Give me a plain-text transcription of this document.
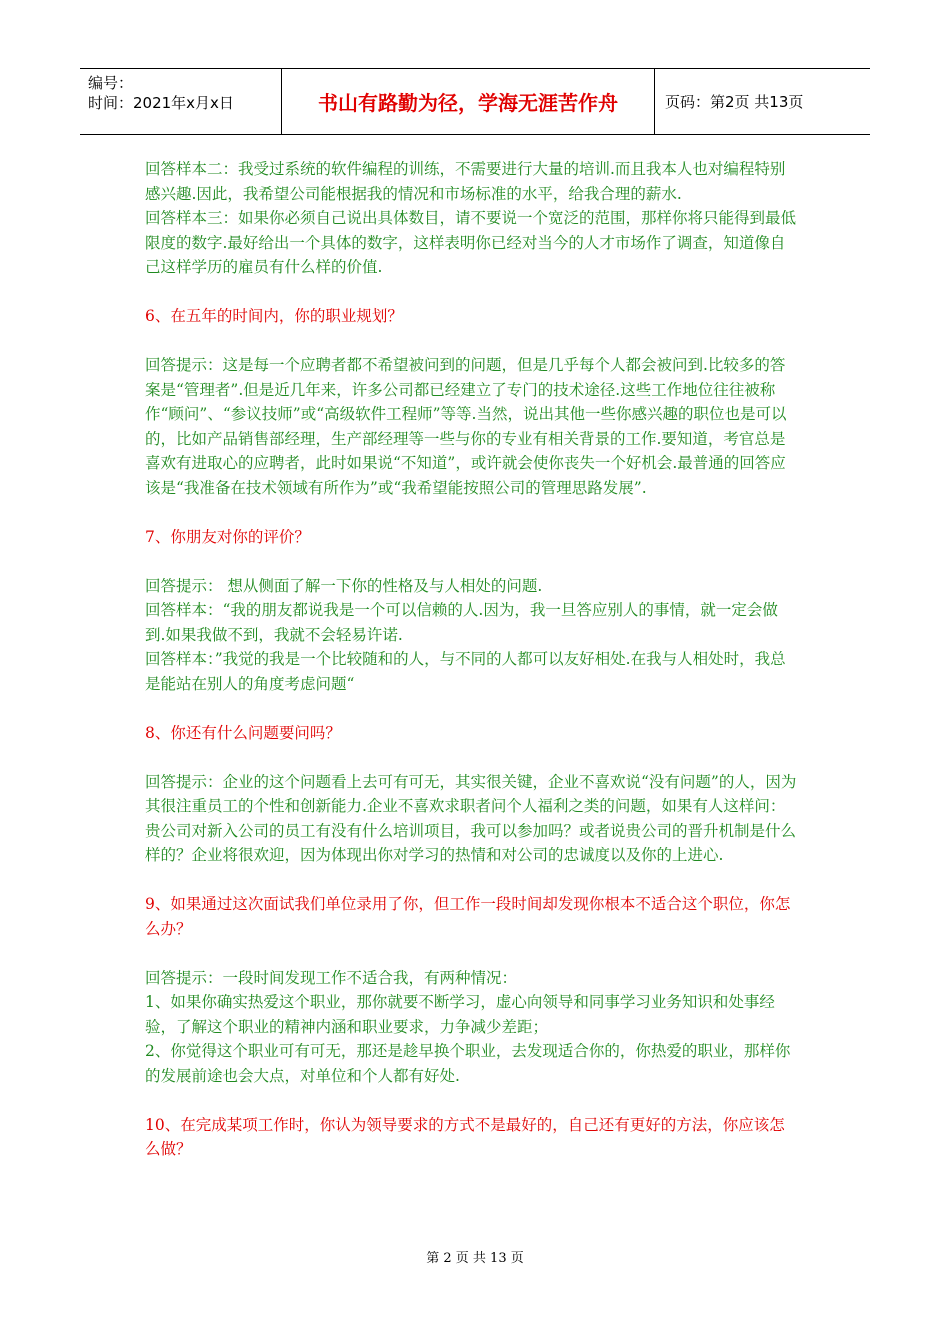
编号：
时间：2021年x月x日	书山有路勤为径，学海无涯苦作舟	页码：第2页 共13页
回答样本二：我受过系统的软件编程的训练，不需要进行大量的培训.而且我本人也对编程特别感兴趣.因此，我希望公司能根据我的情况和市场标准的水平，给我合理的薪水.
回答样本三：如果你必须自己说出具体数目，请不要说一个宽泛的范围，那样你将只能得到最低限度的数字.最好给出一个具体的数字，这样表明你已经对当今的人才市场作了调查，知道像自己这样学历的雇员有什么样的价值.
6、在五年的时间内，你的职业规划？
回答提示：这是每一个应聘者都不希望被问到的问题，但是几乎每个人都会被问到.比较多的答案是“管理者”.但是近几年来，许多公司都已经建立了专门的技术途径.这些工作地位往往被称作“顾问”、“参议技师”或“高级软件工程师”等等.当然，说出其他一些你感兴趣的职位也是可以的，比如产品销售部经理，生产部经理等一些与你的专业有相关背景的工作.要知道，考官总是喜欢有进取心的应聘者，此时如果说“不知道”，或许就会使你丧失一个好机会.最普通的回答应该是“我准备在技术领域有所作为”或“我希望能按照公司的管理思路发展”.
7、你朋友对你的评价？
回答提示： 想从侧面了解一下你的性格及与人相处的问题.
回答样本：“我的朋友都说我是一个可以信赖的人.因为，我一旦答应别人的事情，就一定会做到.如果我做不到，我就不会轻易许诺.
回答样本：”我觉的我是一个比较随和的人，与不同的人都可以友好相处.在我与人相处时，我总是能站在别人的角度考虑问题“
8、你还有什么问题要问吗？
回答提示：企业的这个问题看上去可有可无，其实很关键，企业不喜欢说“没有问题”的人，因为其很注重员工的个性和创新能力.企业不喜欢求职者问个人福利之类的问题，如果有人这样问：贵公司对新入公司的员工有没有什么培训项目，我可以参加吗？或者说贵公司的晋升机制是什么样的？企业将很欢迎，因为体现出你对学习的热情和对公司的忠诚度以及你的上进心.
9、如果通过这次面试我们单位录用了你，但工作一段时间却发现你根本不适合这个职位，你怎么办？
回答提示：一段时间发现工作不适合我，有两种情况：
1、如果你确实热爱这个职业，那你就要不断学习，虚心向领导和同事学习业务知识和处事经验，了解这个职业的精神内涵和职业要求，力争减少差距；
2、你觉得这个职业可有可无，那还是趁早换个职业，去发现适合你的，你热爱的职业，那样你的发展前途也会大点，对单位和个人都有好处.
10、在完成某项工作时，你认为领导要求的方式不是最好的，自己还有更好的方法，你应该怎么做？
第 2 页 共 13 页
